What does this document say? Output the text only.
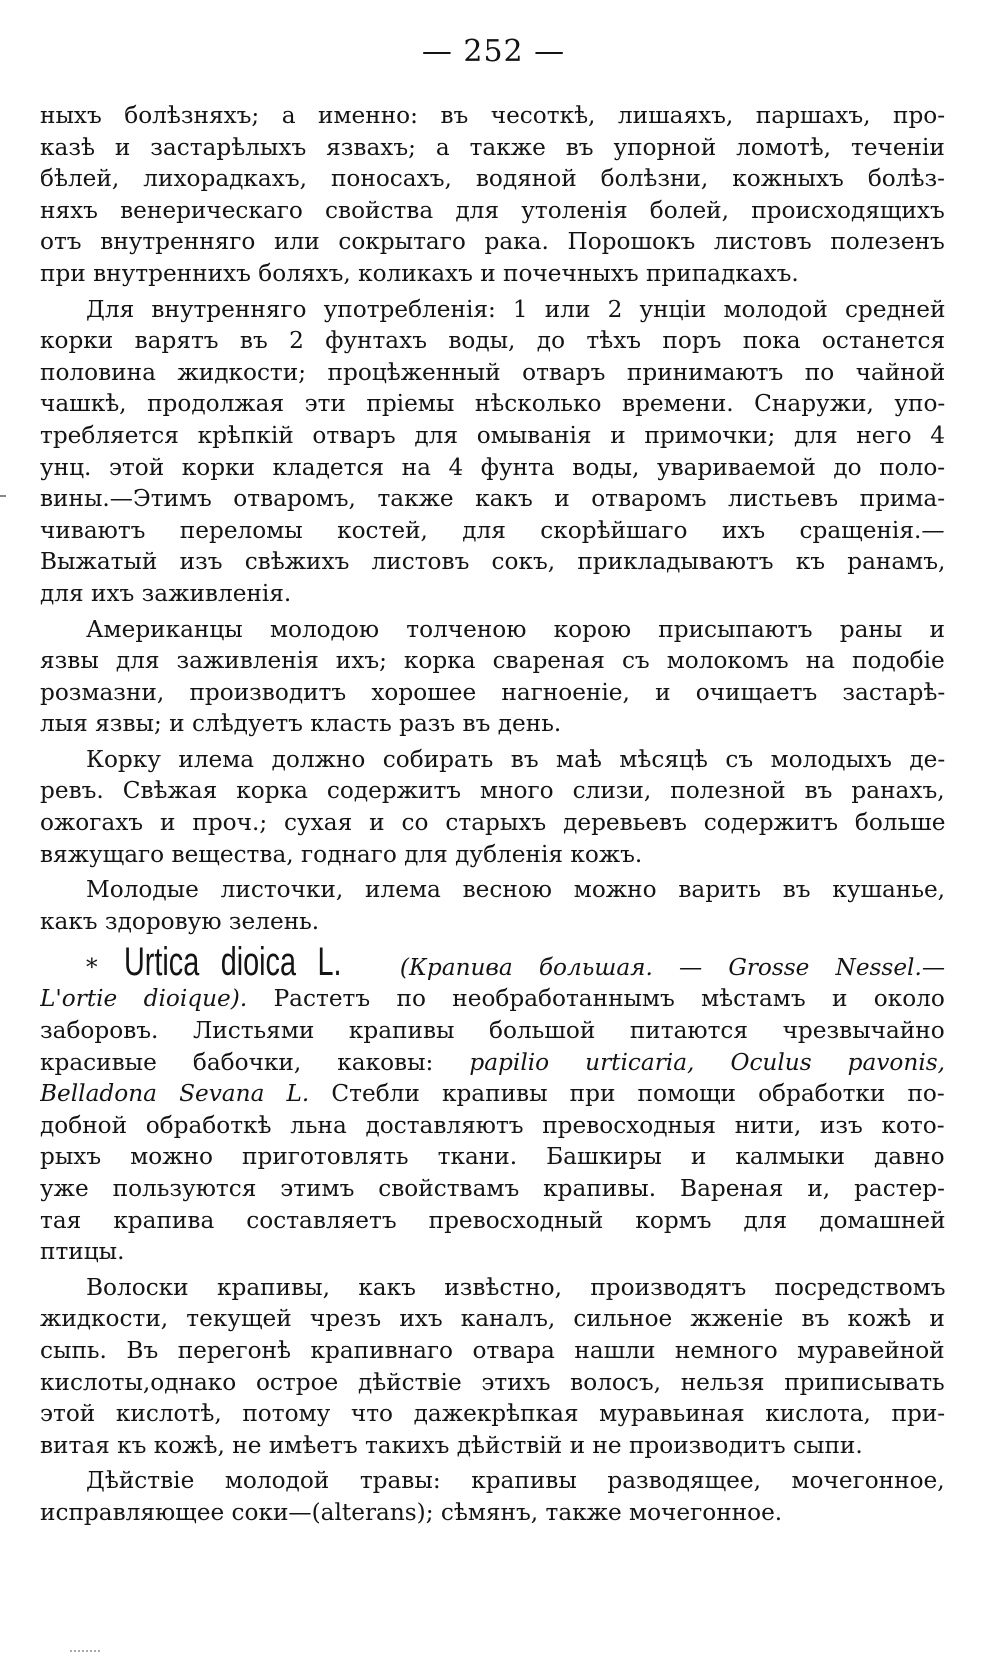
— 252 —
ныхъ болѣзняхъ; а именно: въ чесоткѣ, лишаяхъ, паршахъ, про-
казѣ и застарѣлыхъ язвахъ; а также въ упорной ломотѣ, теченіи
бѣлей, лихорадкахъ, поносахъ, водяной болѣзни, кожныхъ болѣз-
няхъ венерическаго свойства для утоленія болей, происходящихъ
отъ внутренняго или сокрытаго рака. Порошокъ листовъ полезенъ
при внутреннихъ боляхъ, коликахъ и почечныхъ припадкахъ.
Для внутренняго употребленія: 1 или 2 унціи молодой средней
корки варятъ въ 2 фунтахъ воды, до тѣхъ поръ пока останется
половина жидкости; процѣженный отваръ принимаютъ по чайной
чашкѣ, продолжая эти пріемы нѣсколько времени. Снаружи, упо-
требляется крѣпкій отваръ для омыванія и примочки; для него 4
унц. этой корки кладется на 4 фунта воды, увариваемой до поло-
вины.—Этимъ отваромъ, также какъ и отваромъ листьевъ прима-
чиваютъ переломы костей, для скорѣйшаго ихъ сращенія.—
Выжатый изъ свѣжихъ листовъ сокъ, прикладываютъ къ ранамъ,
для ихъ заживленія.
Американцы молодою толченою корою присыпаютъ раны и
язвы для заживленія ихъ; корка свареная съ молокомъ на подобіе
розмазни, производитъ хорошее нагноеніе, и очищаетъ застарѣ-
лыя язвы; и слѣдуетъ класть разъ въ день.
Корку илема должно собирать въ маѣ мѣсяцѣ съ молодыхъ де-
ревъ. Свѣжая корка содержитъ много слизи, полезной въ ранахъ,
ожогахъ и проч.; сухая и со старыхъ деревьевъ содержитъ больше
вяжущаго вещества, годнаго для дубленія кожъ.
Молодые листочки, илема весною можно варить въ кушанье,
какъ здоровую зелень.
* Urtica dioica L.	(Крапива большая. — Grosse Nessel.—
L'ortie dioique). Растетъ по необработаннымъ мѣстамъ и около
заборовъ. Листьями крапивы большой питаются чрезвычайно
красивые бабочки, каковы: papilio urticaria, Oculus pavonis,
Belladona Sevana L. Стебли крапивы при помощи обработки по-
добной обработкѣ льна доставляютъ превосходныя нити, изъ кото-
рыхъ можно приготовлять ткани. Башкиры и калмыки давно
уже пользуются этимъ свойствамъ крапивы. Вареная и, растер-
тая крапива составляетъ превосходный кормъ для домашней
птицы.
Волоски крапивы, какъ извѣстно, производятъ посредствомъ
жидкости, текущей чрезъ ихъ каналъ, сильное жженіе въ кожѣ и
сыпь. Въ перегонѣ крапивнаго отвара нашли немного муравейной
кислоты,однако острое дѣйствіе этихъ волосъ, нельзя приписывать
этой кислотѣ, потому что дажекрѣпкая муравьиная кислота, при-
витая къ кожѣ, не имѣетъ такихъ дѣйствій и не производитъ сыпи.
Дѣйствіе молодой травы: крапивы разводящее, мочегонное,
исправляющее соки—(alterans); сѣмянъ, также мочегонное.
